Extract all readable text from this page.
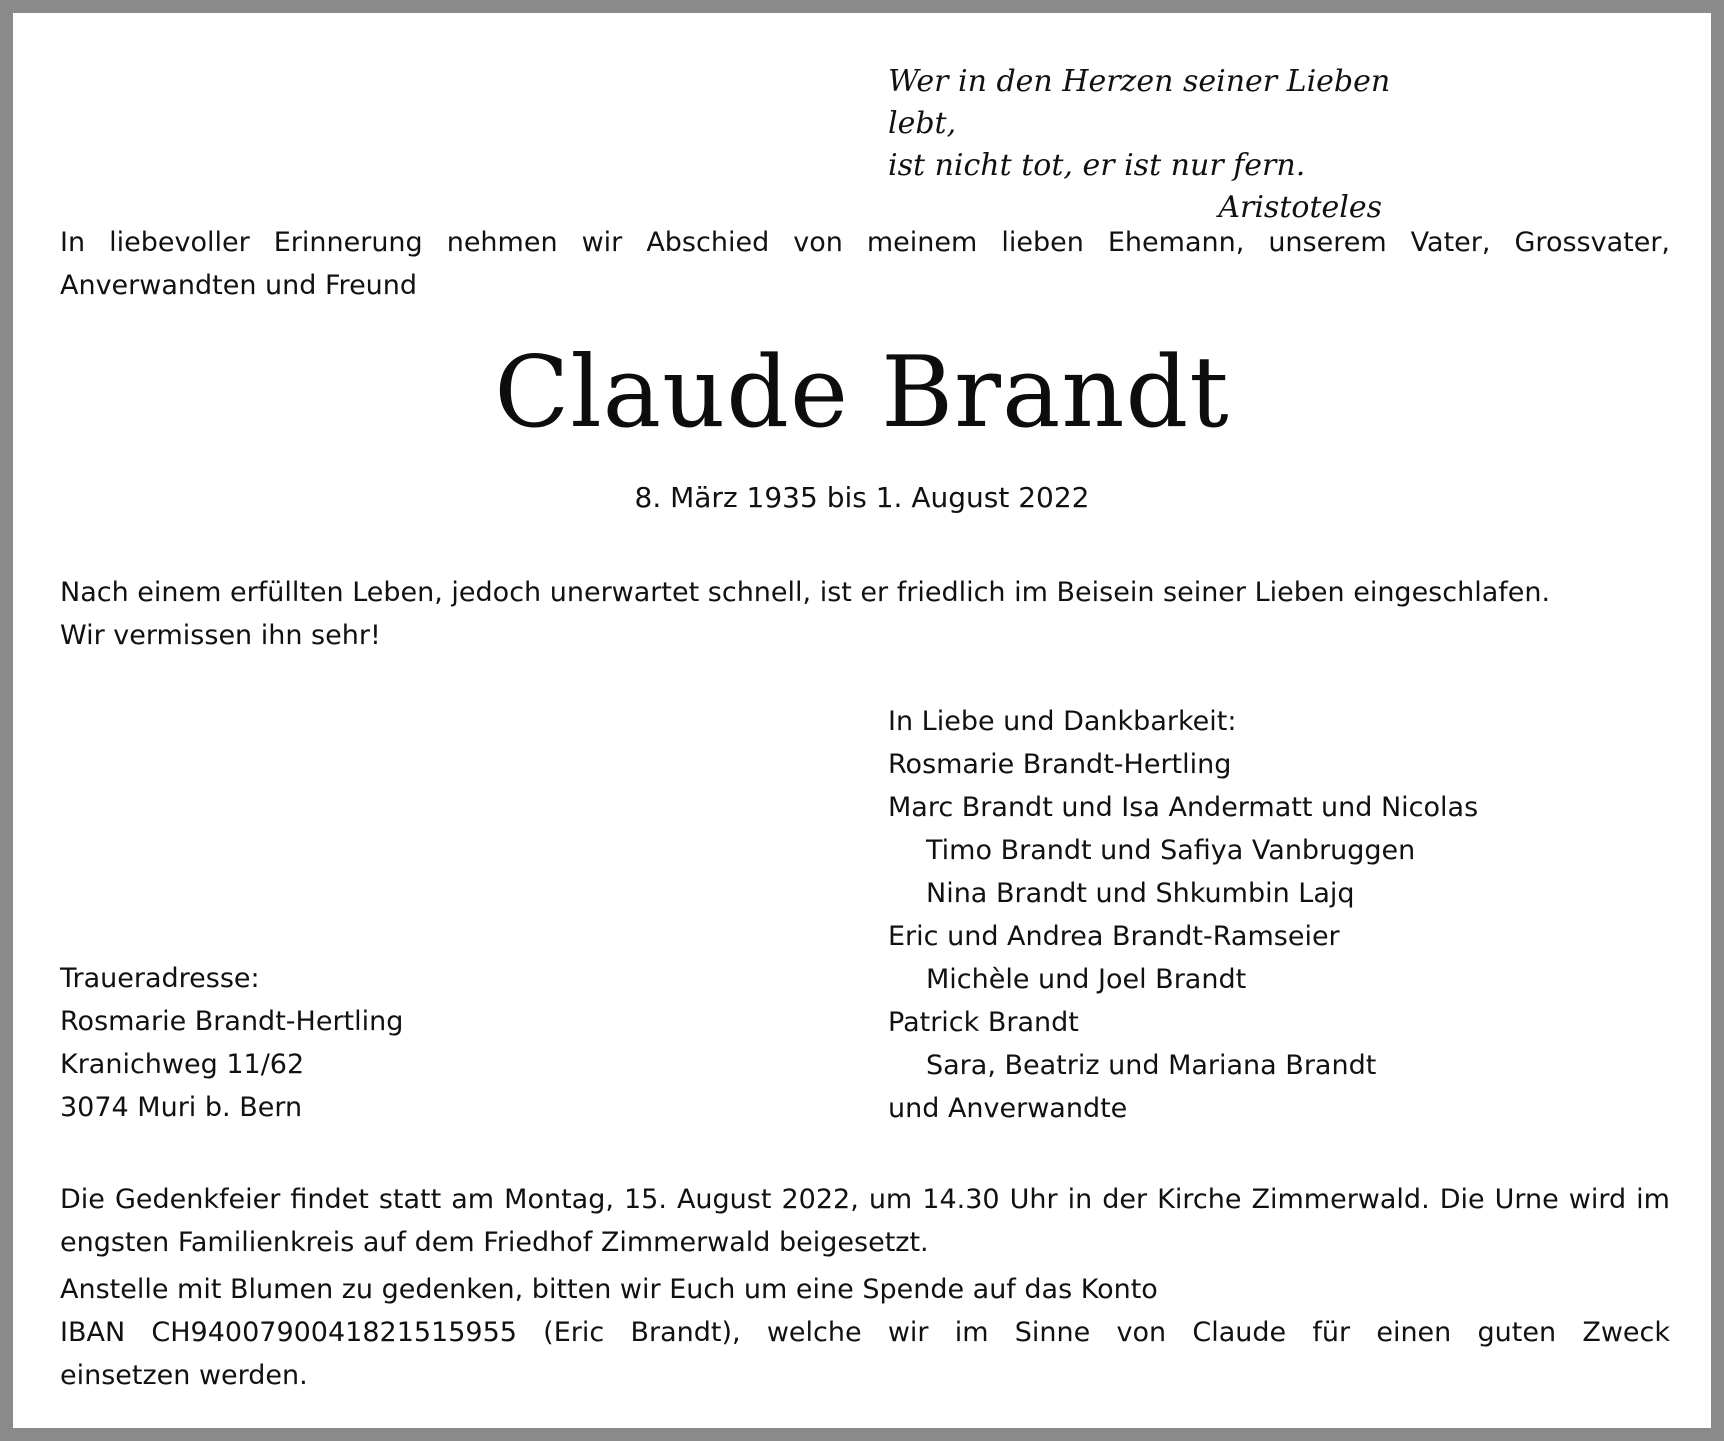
Wer in den Herzen seiner Lieben lebt,
ist nicht tot, er ist nur fern.
Aristoteles
In liebevoller Erinnerung nehmen wir Abschied von meinem lieben Ehemann, unserem Vater, Grossvater, Anverwandten und Freund
Claude Brandt
8. März 1935 bis 1. August 2022
Nach einem erfüllten Leben, jedoch unerwartet schnell, ist er friedlich im Beisein seiner Lieben eingeschlafen.
Wir vermissen ihn sehr!
In Liebe und Dankbarkeit:
Rosmarie Brandt-Hertling
Marc Brandt und Isa Andermatt und Nicolas
Timo Brandt und Safiya Vanbruggen
Nina Brandt und Shkumbin Lajq
Eric und Andrea Brandt-Ramseier
Michèle und Joel Brandt
Patrick Brandt
Sara, Beatriz und Mariana Brandt
und Anverwandte
Traueradresse:
Rosmarie Brandt-Hertling
Kranichweg 11/62
3074 Muri b. Bern
Die Gedenkfeier findet statt am Montag, 15. August 2022, um 14.30 Uhr in der Kirche Zimmerwald. Die Urne wird im engsten Familienkreis auf dem Friedhof Zimmerwald beigesetzt.
Anstelle mit Blumen zu gedenken, bitten wir Euch um eine Spende auf das Konto
IBAN CH9400790041821515955 (Eric Brandt), welche wir im Sinne von Claude für einen guten Zweck
einsetzen werden.
